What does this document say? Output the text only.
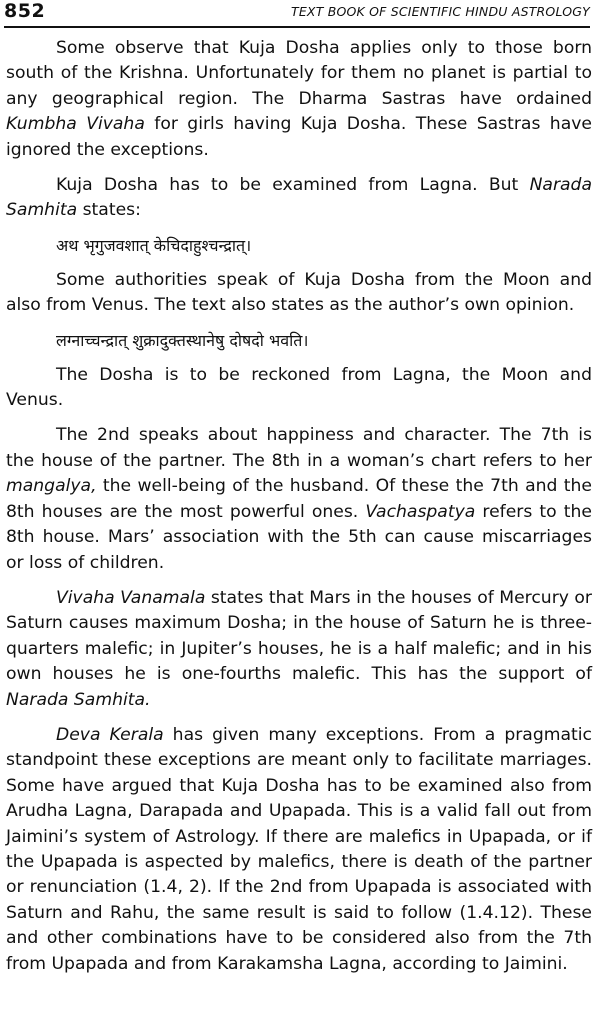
852	TEXT BOOK OF SCIENTIFIC HINDU ASTROLOGY

Some observe that Kuja Dosha applies only to those born south of the Krishna. Unfortunately for them no planet is partial to any geographical region. The Dharma Sastras have ordained Kumbha Vivaha for girls having Kuja Dosha. These Sastras have ignored the exceptions.

Kuja Dosha has to be examined from Lagna. But Narada Samhita states:

अथ भृगुजवशात् केचिदाहुश्चन्द्रात्।

Some authorities speak of Kuja Dosha from the Moon and also from Venus. The text also states as the author’s own opinion.

लग्नाच्चन्द्रात् शुक्रादुक्तस्थानेषु दोषदो भवति।

The Dosha is to be reckoned from Lagna, the Moon and Venus.

The 2nd speaks about happiness and character. The 7th is the house of the partner. The 8th in a woman’s chart refers to her mangalya, the well-being of the husband. Of these the 7th and the 8th houses are the most powerful ones. Vachaspatya refers to the 8th house. Mars’ association with the 5th can cause miscarriages or loss of children.

Vivaha Vanamala states that Mars in the houses of Mercury or Saturn causes maximum Dosha; in the house of Saturn he is three-quarters malefic; in Jupiter’s houses, he is a half malefic; and in his own houses he is one-fourths malefic. This has the support of Narada Samhita.

Deva Kerala has given many exceptions. From a pragmatic standpoint these exceptions are meant only to facilitate marriages. Some have argued that Kuja Dosha has to be examined also from Arudha Lagna, Darapada and Upapada. This is a valid fall out from Jaimini’s system of Astrology. If there are malefics in Upapada, or if the Upapada is aspected by malefics, there is death of the partner or renunciation (1.4, 2). If the 2nd from Upapada is associated with Saturn and Rahu, the same result is said to follow (1.4.12). These and other combinations have to be considered also from the 7th from Upapada and from Karakamsha Lagna, according to Jaimini.
